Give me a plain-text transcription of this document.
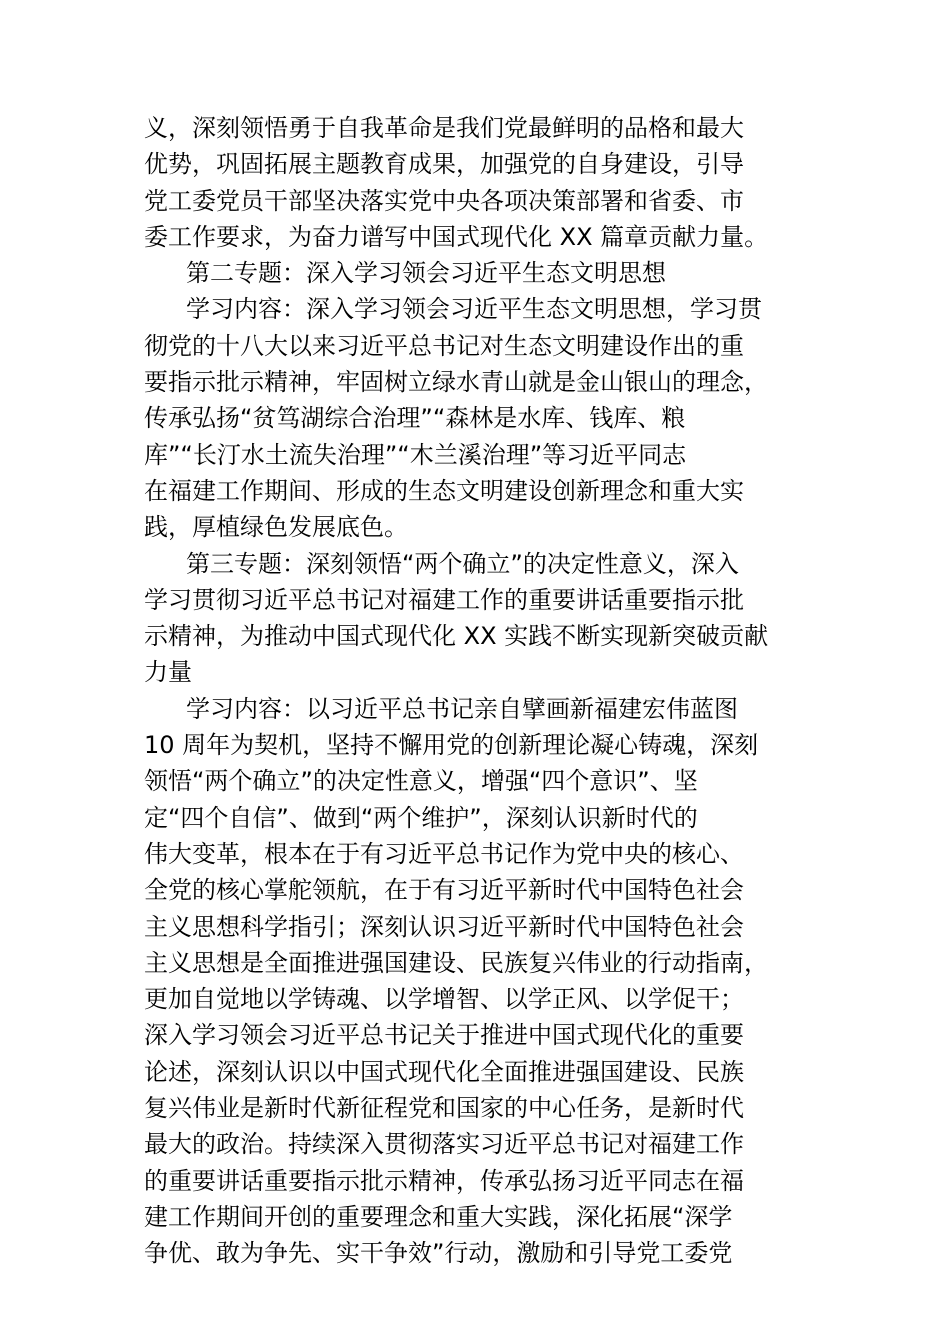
义，深刻领悟勇于自我革命是我们党最鲜明的品格和最大
优势，巩固拓展主题教育成果，加强党的自身建设，引导
党工委党员干部坚决落实党中央各项决策部署和省委、市
委工作要求，为奋力谱写中国式现代化 XX 篇章贡献力量。
第二专题：深入学习领会习近平生态文明思想
学习内容：深入学习领会习近平生态文明思想，学习贯
彻党的十八大以来习近平总书记对生态文明建设作出的重
要指示批示精神，牢固树立绿水青山就是金山银山的理念，
传承弘扬“贫笃湖综合治理”“森林是水库、钱库、粮
库”“长汀水土流失治理”“木兰溪治理”等习近平同志
在福建工作期间、形成的生态文明建设创新理念和重大实
践，厚植绿色发展底色。
第三专题：深刻领悟“两个确立”的决定性意义，深入
学习贯彻习近平总书记对福建工作的重要讲话重要指示批
示精神，为推动中国式现代化 XX 实践不断实现新突破贡献
力量
学习内容：以习近平总书记亲自擘画新福建宏伟蓝图
10 周年为契机，坚持不懈用党的创新理论凝心铸魂，深刻
领悟“两个确立”的决定性意义，增强“四个意识”、坚
定“四个自信”、做到“两个维护”，深刻认识新时代的
伟大变革，根本在于有习近平总书记作为党中央的核心、
全党的核心掌舵领航，在于有习近平新时代中国特色社会
主义思想科学指引；深刻认识习近平新时代中国特色社会
主义思想是全面推进强国建设、民族复兴伟业的行动指南，
更加自觉地以学铸魂、以学增智、以学正风、以学促干；
深入学习领会习近平总书记关于推进中国式现代化的重要
论述，深刻认识以中国式现代化全面推进强国建设、民族
复兴伟业是新时代新征程党和国家的中心任务，是新时代
最大的政治。持续深入贯彻落实习近平总书记对福建工作
的重要讲话重要指示批示精神，传承弘扬习近平同志在福
建工作期间开创的重要理念和重大实践，深化拓展“深学
争优、敢为争先、实干争效”行动，激励和引导党工委党
